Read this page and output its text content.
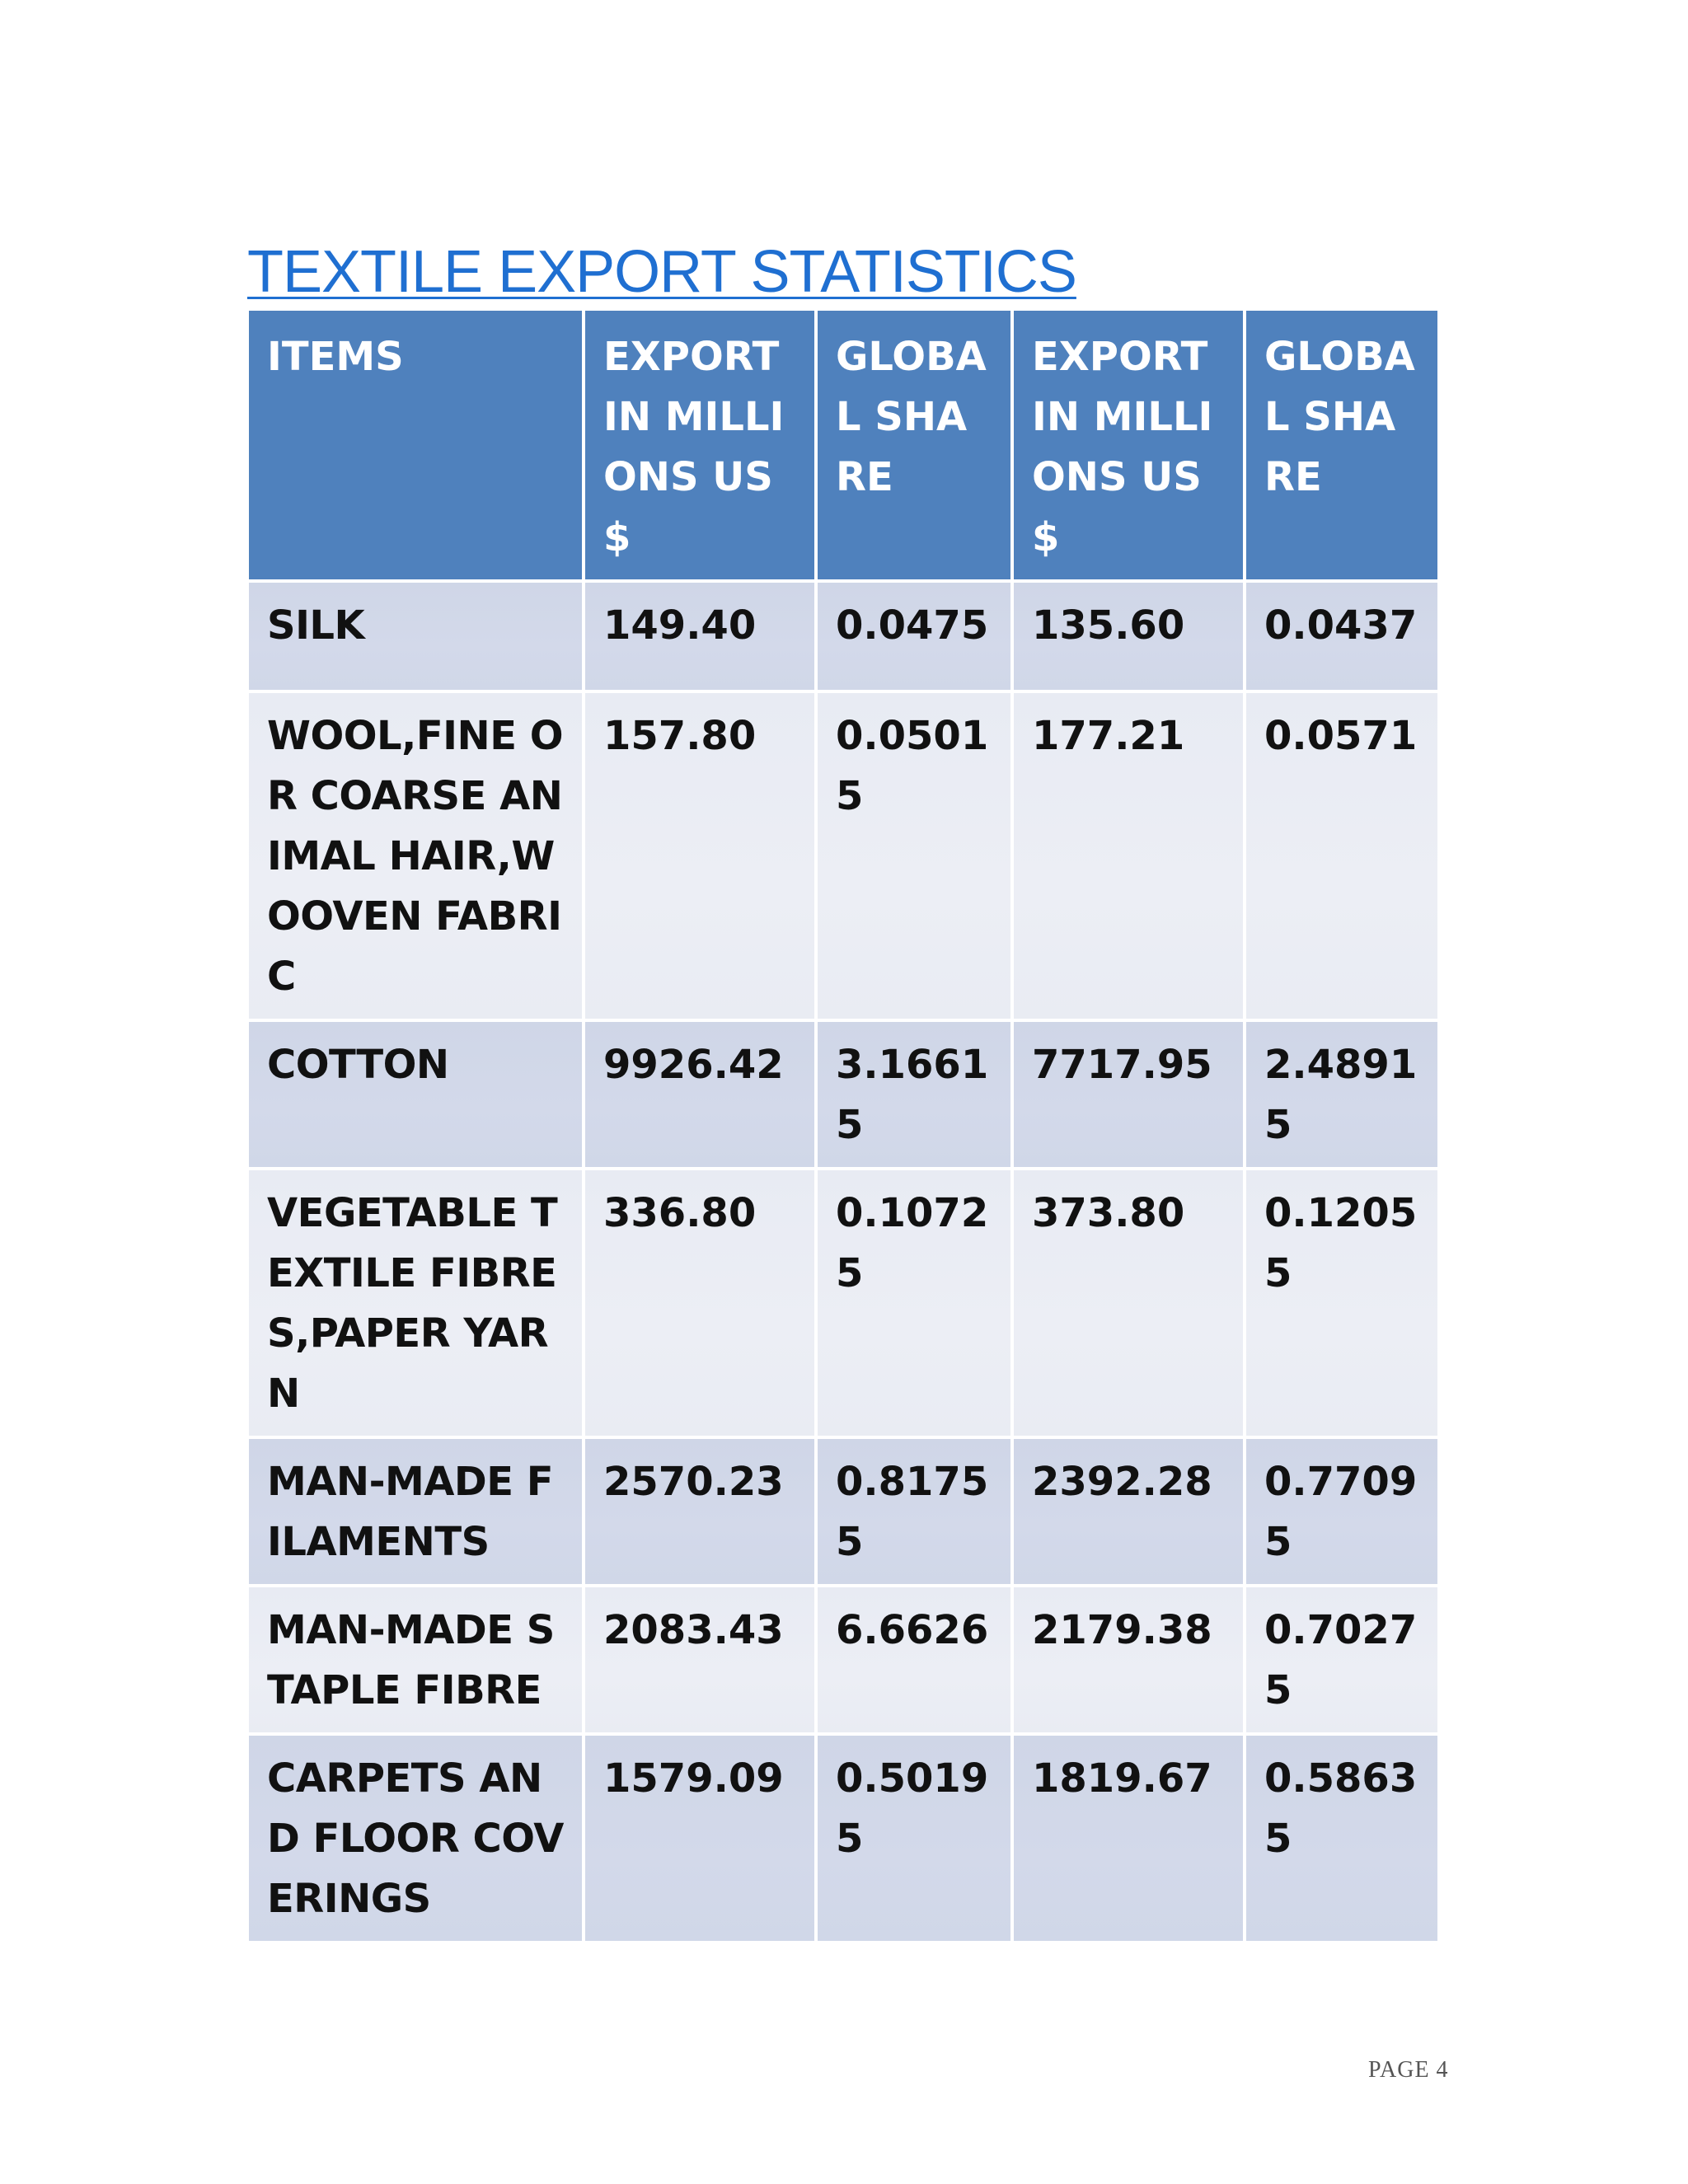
TEXTILE EXPORT STATISTICS
ITEMS	EXPORT IN MILLIONS US $	GLOBAL SHARE	EXPORT IN MILLIONS US $	GLOBAL SHARE
SILK	149.40	0.0475	135.60	0.0437
WOOL,FINE OR COARSE ANIMAL HAIR,WOOVEN FABRIC	157.80	0.05015	177.21	0.0571
COTTON	9926.42	3.16615	7717.95	2.48915
VEGETABLE TEXTILE FIBRES,PAPER YARN	336.80	0.10725	373.80	0.12055
MAN-MADE FILAMENTS	2570.23	0.81755	2392.28	0.77095
MAN-MADE STAPLE FIBRE	2083.43	6.6626	2179.38	0.70275
CARPETS AND FLOOR COVERINGS	1579.09	0.50195	1819.67	0.58635
PAGE 4
